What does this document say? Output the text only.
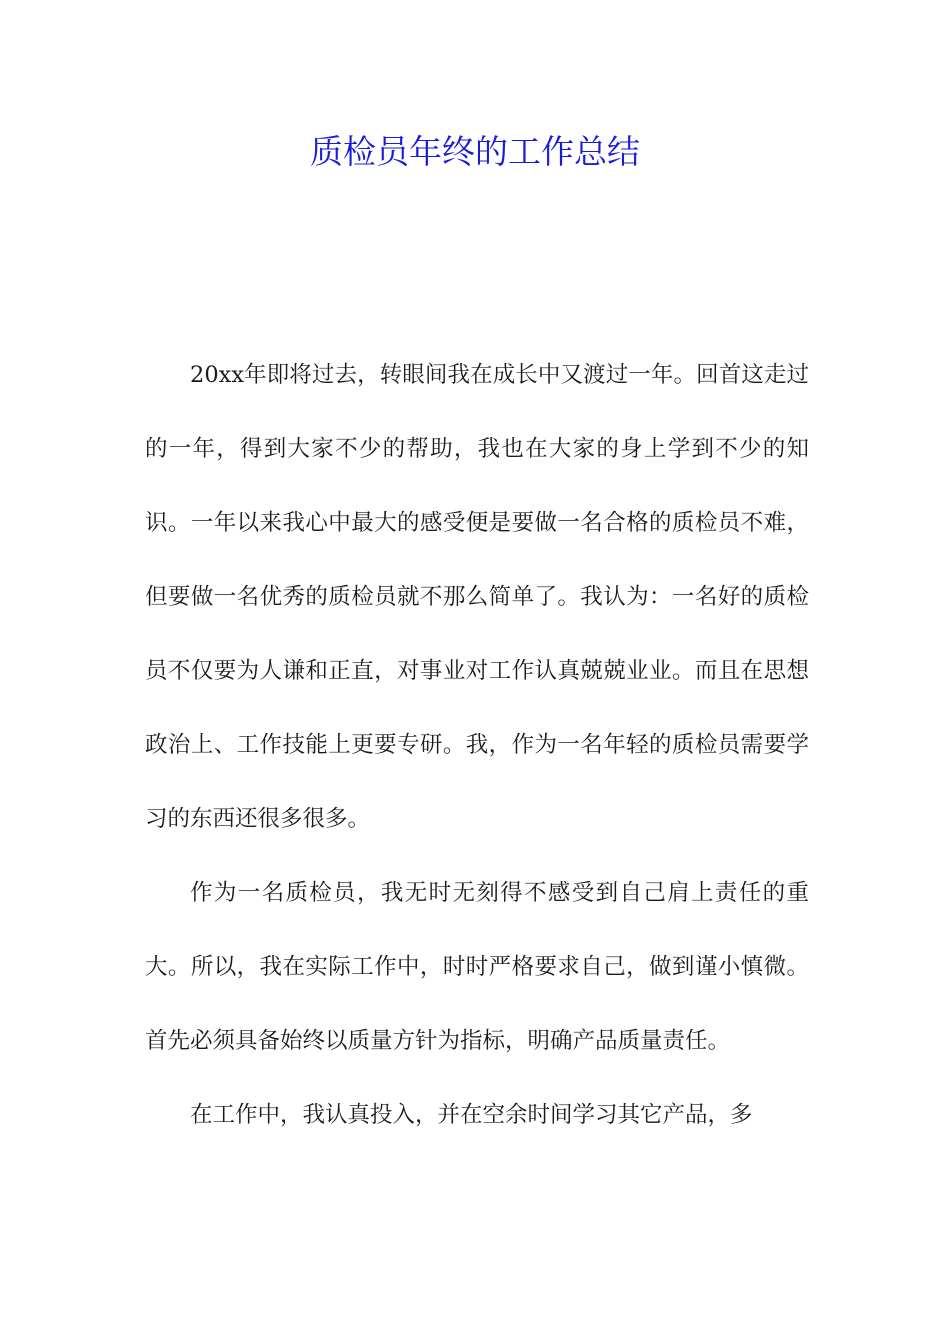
质检员年终的工作总结

20xx年即将过去，转眼间我在成长中又渡过一年。回首这走过的一年，得到大家不少的帮助，我也在大家的身上学到不少的知识。一年以来我心中最大的感受便是要做一名合格的质检员不难，但要做一名优秀的质检员就不那么简单了。我认为：一名好的质检员不仅要为人谦和正直，对事业对工作认真兢兢业业。而且在思想政治上、工作技能上更要专研。我，作为一名年轻的质检员需要学习的东西还很多很多。

作为一名质检员，我无时无刻得不感受到自己肩上责任的重大。所以，我在实际工作中，时时严格要求自己，做到谨小慎微。首先必须具备始终以质量方针为指标，明确产品质量责任。

在工作中，我认真投入，并在空余时间学习其它产品，多
